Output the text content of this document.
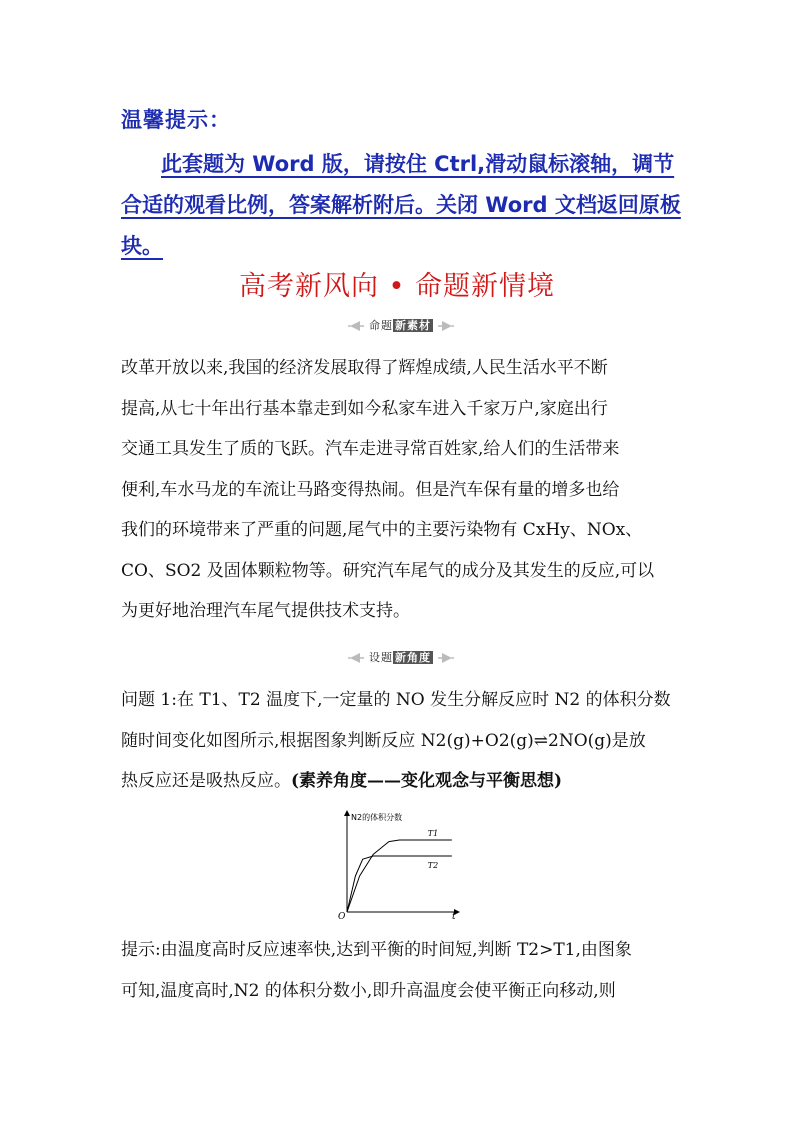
温馨提示：
此套题为 Word 版，请按住 Ctrl,滑动鼠标滚轴，调节合适的观看比例，答案解析附后。关闭 Word 文档返回原板块。
高考新风向 • 命题新情境
命题 新素材
改革开放以来,我国的经济发展取得了辉煌成绩,人民生活水平不断
提高,从七十年出行基本靠走到如今私家车进入千家万户,家庭出行
交通工具发生了质的飞跃。汽车走进寻常百姓家,给人们的生活带来
便利,车水马龙的车流让马路变得热闹。但是汽车保有量的增多也给
我们的环境带来了严重的问题,尾气中的主要污染物有 CxHy、NOx、
CO、SO2 及固体颗粒物等。研究汽车尾气的成分及其发生的反应,可以
为更好地治理汽车尾气提供技术支持。
设题 新角度
问题 1:在 T1、T2 温度下,一定量的 NO 发生分解反应时 N2 的体积分数
随时间变化如图所示,根据图象判断反应 N2(g)+O2(g)⇌2NO(g)是放
热反应还是吸热反应。(素养角度——变化观念与平衡思想)
N2的体积分数
t
O
T1
T2
提示:由温度高时反应速率快,达到平衡的时间短,判断 T2>T1,由图象
可知,温度高时,N2 的体积分数小,即升高温度会使平衡正向移动,则
